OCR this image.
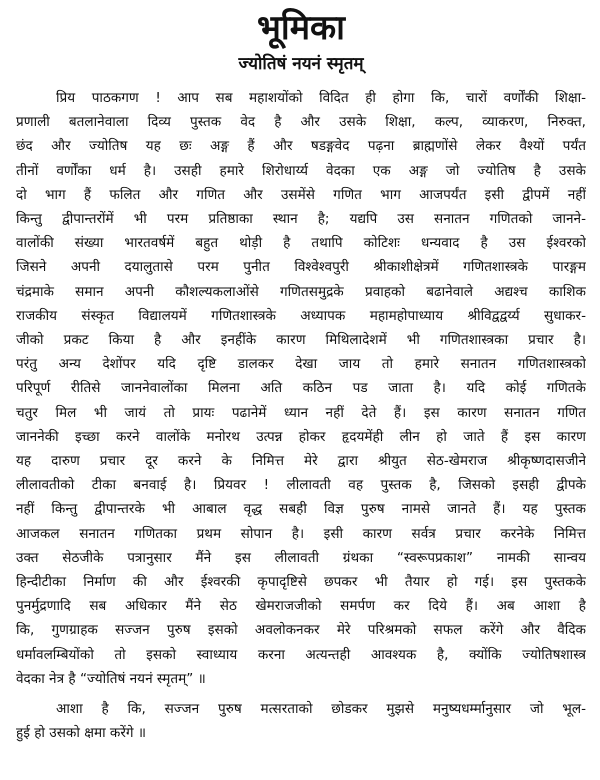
भूमिका
ज्योतिषं नयनं स्मृतम्
प्रिय पाठकगण ! आप सब महाशयोंको विदित ही होगा कि, चारों वर्णोंकी शिक्षा-
प्रणाली बतलानेवाला दिव्य पुस्तक वेद है और उसके शिक्षा, कल्प, व्याकरण, निरुक्त,
छंद और ज्योतिष यह छः अङ्ग हैं और षडङ्गवेद पढ़ना ब्राह्मणोंसे लेकर वैश्यों पर्यंत
तीनों वर्णोंका धर्म है। उसही हमारे शिरोधार्य्य वेदका एक अङ्ग जो ज्योतिष है उसके
दो भाग हैं फलित और गणित और उसमेंसे गणित भाग आजपर्यंत इसी द्वीपमें नहीं
किन्तु द्वीपान्तरोंमें भी परम प्रतिष्ठाका स्थान है; यद्यपि उस सनातन गणितको जानने-
वालोंकी संख्या भारतवर्षमें बहुत थोड़ी है तथापि कोटिशः धन्यवाद है उस ईश्वरको
जिसने अपनी दयालुतासे परम पुनीत विश्वेश्वपुरी श्रीकाशीक्षेत्रमें गणितशास्त्रके पारङ्गम
चंद्रमाके समान अपनी कौशल्यकलाओंसे गणितसमुद्रके प्रवाहको बढानेवाले अद्यश्च काशिक
राजकीय संस्कृत विद्यालयमें गणितशास्त्रके अध्यापक महामहोपाध्याय श्रीविद्वद्वर्य्य सुधाकर-
जीको प्रकट किया है और इनहींके कारण मिथिलादेशमें भी गणितशास्त्रका प्रचार है।
परंतु अन्य देशोंपर यदि दृष्टि डालकर देखा जाय तो हमारे सनातन गणितशास्त्रको
परिपूर्ण रीतिसे जाननेवालोंका मिलना अति कठिन पड जाता है। यदि कोई गणितके
चतुर मिल भी जायं तो प्रायः पढानेमें ध्यान नहीं देते हैं। इस कारण सनातन गणित
जाननेकी इच्छा करने वालोंके मनोरथ उत्पन्न होकर हृदयमेंही लीन हो जाते हैं इस कारण
यह दारुण प्रचार दूर करने के निमित्त मेरे द्वारा श्रीयुत सेठ-खेमराज श्रीकृष्णदासजीने
लीलावतीको टीका बनवाई है। प्रियवर ! लीलावती वह पुस्तक है, जिसको इसही द्वीपके
नहीं किन्तु द्वीपान्तरके भी आबाल वृद्ध सबही विज्ञ पुरुष नामसे जानते हैं। यह पुस्तक
आजकल सनातन गणितका प्रथम सोपान है। इसी कारण सर्वत्र प्रचार करनेके निमित्त
उक्त सेठजीके पत्रानुसार मैंने इस लीलावती ग्रंथका “स्वरूपप्रकाश” नामकी सान्वय
हिन्दीटीका निर्माण की और ईश्वरकी कृपादृष्टिसे छपकर भी तैयार हो गई। इस पुस्तकके
पुनर्मुद्रणादि सब अधिकार मैंने सेठ खेमराजजीको समर्पण कर दिये हैं। अब आशा है
कि, गुणग्राहक सज्जन पुरुष इसको अवलोकनकर मेरे परिश्रमको सफल करेंगे और वैदिक
धर्मावलम्बियोंको तो इसको स्वाध्याय करना अत्यन्तही आवश्यक है, क्योंकि ज्योतिषशास्त्र
वेदका नेत्र है “ज्योतिषं नयनं स्मृतम्” ॥
आशा है कि, सज्जन पुरुष मत्सरताको छोडकर मुझसे मनुष्यधर्म्मानुसार जो भूल-
हुई हो उसको क्षमा करेंगे ॥
